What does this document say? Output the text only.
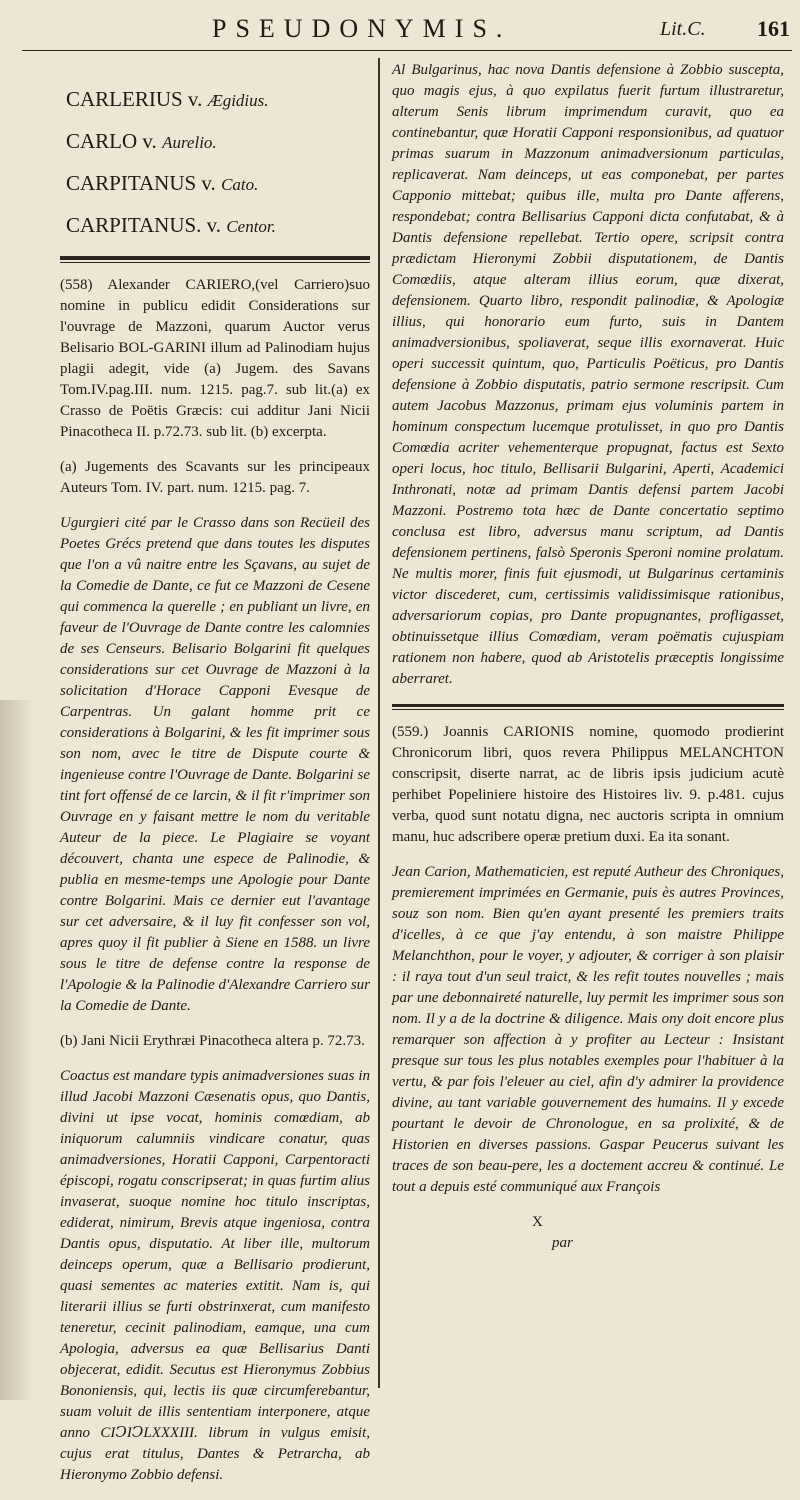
PSEUDONYMIS.	Lit.C. 161
CARLERIUS v. Ægidius.
CARLO v. Aurelio.
CARPITANUS v. Cato.
CARPITANUS. v. Centor.

(558) Alexander CARIERO,(vel Carriero)suo nomine in publicu edidit Considerations sur l'ouvrage de Mazzoni, quarum Auctor verus Belisario BOL-GARINI illum ad Palinodiam hujus plagii adegit, vide (a) Jugem. des Savans Tom.IV.pag.III. num. 1215. pag.7. sub lit.(a) ex Crasso de Poëtis Græcis: cui additur Jani Nicii Pinacotheca II. p.72.73. sub lit. (b) excerpta.

(a) Jugements des Scavants sur les principeaux Auteurs Tom. IV. part. num. 1215. pag. 7.

Ugurgieri cité par le Crasso dans son Recüeil des Poetes Grécs pretend que dans toutes les disputes que l'on a vû naitre entre les Sçavans, au sujet de la Comedie de Dante, ce fut ce Mazzoni de Cesene qui commenca la querelle ; en publiant un livre, en faveur de l'Ouvrage de Dante contre les calomnies de ses Censeurs. Belisario Bolgarini fit quelques considerations sur cet Ouvrage de Mazzoni à la solicitation d'Horace Capponi Evesque de Carpentras. Un galant homme prit ce considerations à Bolgarini, & les fit imprimer sous son nom, avec le titre de Dispute courte & ingenieuse contre l'Ouvrage de Dante. Bolgarini se tint fort offensé de ce larcin, & il fit r'imprimer son Ouvrage en y faisant mettre le nom du veritable Auteur de la piece. Le Plagiaire se voyant découvert, chanta une espece de Palinodie, & publia en mesme-temps une Apologie pour Dante contre Bolgarini. Mais ce dernier eut l'avantage sur cet adversaire, & il luy fit confesser son vol, apres quoy il fit publier à Siene en 1588. un livre sous le titre de defense contre la response de l'Apologie & la Palinodie d'Alexandre Carriero sur la Comedie de Dante.

(b) Jani Nicii Erythræi Pinacotheca altera p. 72.73.

Coactus est mandare typis animadversiones suas in illud Jacobi Mazzoni Cæsenatis opus, quo Dantis, divini ut ipse vocat, hominis comœdiam, ab iniquorum calumniis vindicare conatur, quas animadversiones, Horatii Capponi, Carpentoracti épiscopi, rogatu conscripserat; in quas furtim alius invaserat, suoque nomine hoc titulo inscriptas, ediderat, nimirum, Brevis atque ingeniosa, contra Dantis opus, disputatio. At liber ille, multorum deinceps operum, quæ a Bellisario prodierunt, quasi sementes ac materies extitit. Nam is, qui literarii illius se furti obstrinxerat, cum manifesto teneretur, cecinit palinodiam, eamque, una cum Apologia, adversus ea quæ Bellisarius Danti objecerat, edidit. Secutus est Hieronymus Zobbius Bononiensis, qui, lectis iis quæ circumferebantur, suam voluit de illis sententiam interponere, atque anno CIↃIↃLXXXIII. librum in vulgus emisit, cujus erat titulus, Dantes & Petrarcha, ab Hieronymo Zobbio defensi.

Al Bulgarinus, hac nova Dantis defensione à Zobbio suscepta, quo magis ejus, à quo expilatus fuerit furtum illustraretur, alterum Senis librum imprimendum curavit, quo ea continebantur, quæ Horatii Capponi responsionibus, ad quatuor primas suarum in Mazzonum animadversionum particulas, replicaverat. Nam deinceps, ut eas componebat, per partes Capponio mittebat; quibus ille, multa pro Dante afferens, respondebat; contra Bellisarius Capponi dicta confutabat, & à Dantis defensione repellebat. Tertio opere, scripsit contra prædictam Hieronymi Zobbii disputationem, de Dantis Comœdiis, atque alteram illius eorum, quæ dixerat, defensionem. Quarto libro, respondit palinodiæ, & Apologiæ illius, qui honorario eum furto, suis in Dantem animadversionibus, spoliaverat, seque illis exornaverat. Huic operi successit quintum, quo, Particulis Poëticus, pro Dantis defensione à Zobbio disputatis, patrio sermone rescripsit. Cum autem Jacobus Mazzonus, primam ejus voluminis partem in hominum conspectum lucemque protulisset, in quo pro Dantis Comœdia acriter vehementerque propugnat, factus est Sexto operi locus, hoc titulo, Bellisarii Bulgarini, Aperti, Academici Inthronati, notæ ad primam Dantis defensi partem Jacobi Mazzoni. Postremo tota hæc de Dante concertatio septimo conclusa est libro, adversus manu scriptum, ad Dantis defensionem pertinens, falsò Speronis Speroni nomine prolatum. Ne multis morer, finis fuit ejusmodi, ut Bulgarinus certaminis victor discederet, cum, certissimis validissimisque rationibus, adversariorum copias, pro Dante propugnantes, profligasset, obtinuissetque illius Comœdiam, veram poëmatis cujuspiam rationem non habere, quod ab Aristotelis præceptis longissime aberraret.

(559.) Joannis CARIONIS nomine, quomodo prodierint Chronicorum libri, quos revera Philippus MELANCHTON conscripsit, diserte narrat, ac de libris ipsis judicium acutè perhibet Popeliniere histoire des Histoires liv. 9. p.481. cujus verba, quod sunt notatu digna, nec auctoris scripta in omnium manu, huc adscribere operæ pretium duxi. Ea ita sonant.

Jean Carion, Mathematicien, est reputé Autheur des Chroniques, premierement imprimées en Germanie, puis ès autres Provinces, souz son nom. Bien qu'en ayant presenté les premiers traits d'icelles, à ce que j'ay entendu, à son maistre Philippe Melanchthon, pour le voyer, y adjouter, & corriger à son plaisir : il raya tout d'un seul traict, & les refit toutes nouvelles ; mais par une debonnaireté naturelle, luy permit les imprimer sous son nom. Il y a de la doctrine & diligence. Mais ony doit encore plus remarquer son affection à y profiter au Lecteur : Insistant presque sur tous les plus notables exemples pour l'habituer à la vertu, & par fois l'eleuer au ciel, afin d'y admirer la providence divine, au tant variable gouvernement des humains. Il y excede pourtant le devoir de Chronologue, en sa prolixité, & de Historien en diverses passions. Gaspar Peucerus suivant les traces de son beau-pere, les a doctement accreu & continué. Le tout a depuis esté communiqué aux François

X par
